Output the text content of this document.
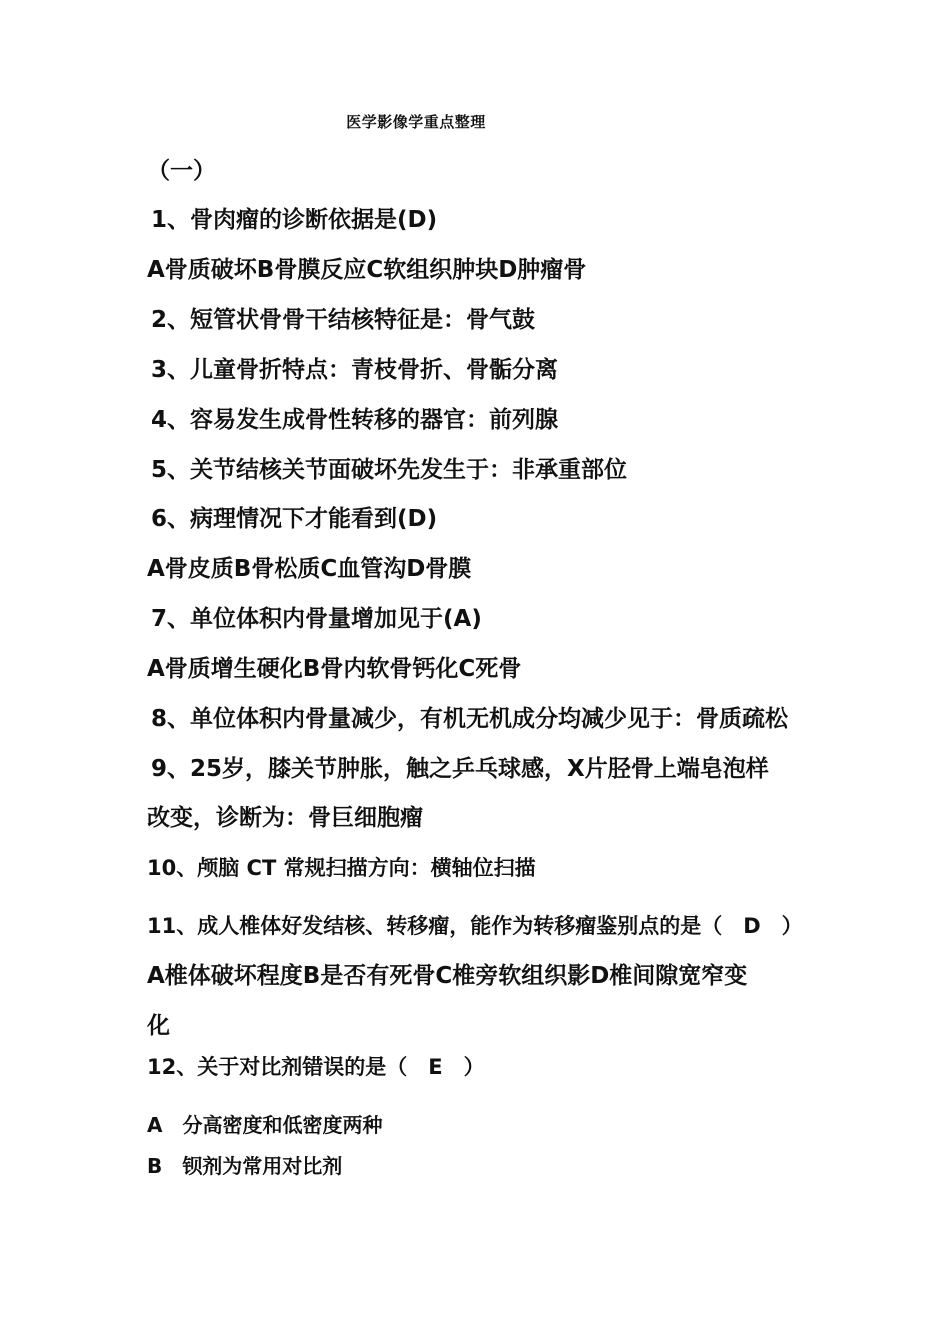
医学影像学重点整理
（一）
1、骨肉瘤的诊断依据是(D)
A骨质破坏B骨膜反应C软组织肿块D肿瘤骨
2、短管状骨骨干结核特征是：骨气鼓
3、儿童骨折特点：青枝骨折、骨骺分离
4、容易发生成骨性转移的器官：前列腺
5、关节结核关节面破坏先发生于：非承重部位
6、病理情况下才能看到(D)
A骨皮质B骨松质C血管沟D骨膜
7、单位体积内骨量增加见于(A)
A骨质增生硬化B骨内软骨钙化C死骨
8、单位体积内骨量减少，有机无机成分均减少见于：骨质疏松
9、25岁，膝关节肿胀，触之乒乓球感，X片胫骨上端皂泡样
改变，诊断为：骨巨细胞瘤
10、颅脑 CT 常规扫描方向：横轴位扫描
11、成人椎体好发结核、转移瘤，能作为转移瘤鉴别点的是（　D　）
A椎体破坏程度B是否有死骨C椎旁软组织影D椎间隙宽窄变
化
12、关于对比剂错误的是（　E　）
A　分高密度和低密度两种
B　钡剂为常用对比剂
